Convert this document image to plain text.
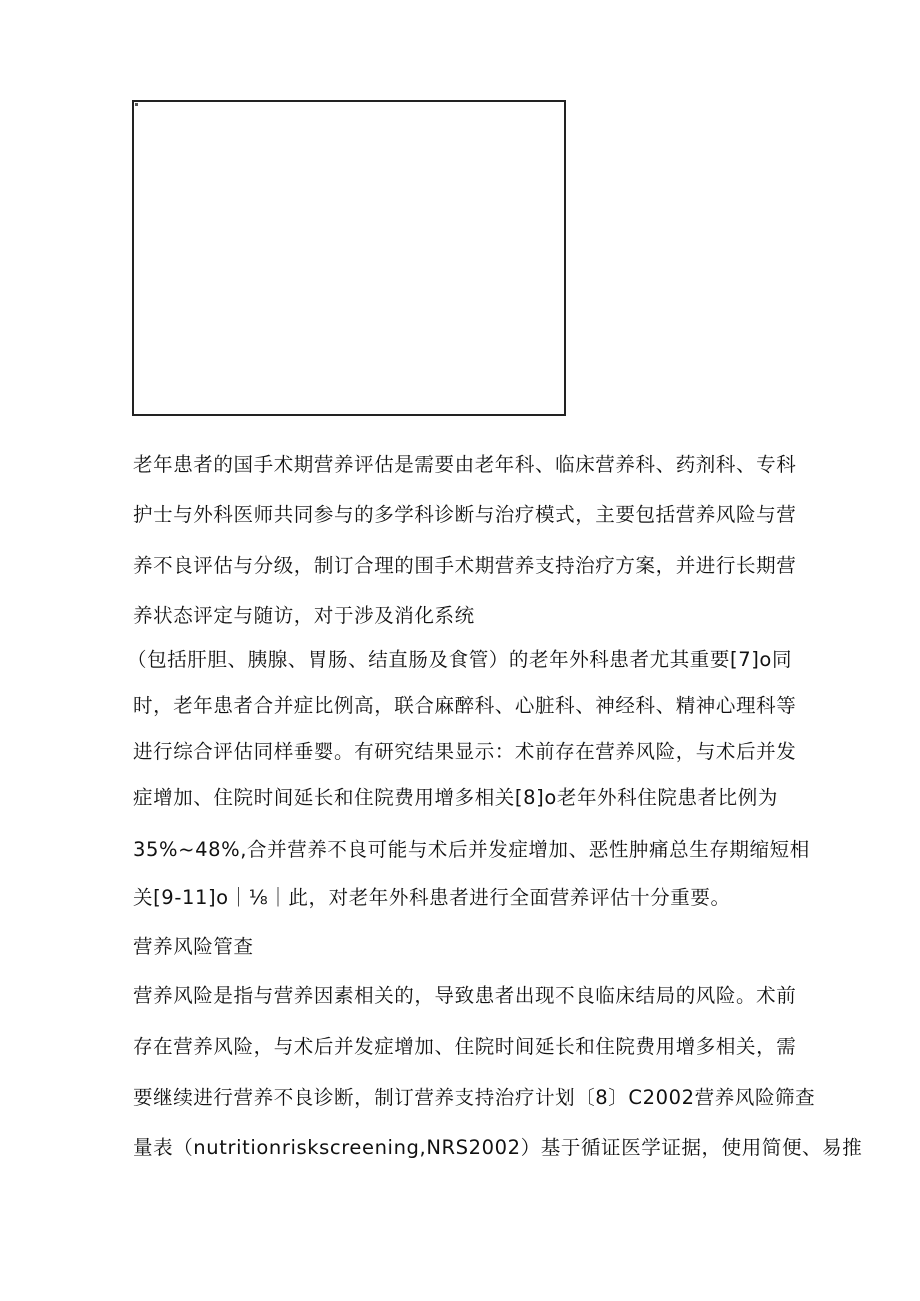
老年患者的国手术期营养评估是需要由老年科、临床营养科、药剂科、专科
护士与外科医师共同参与的多学科诊断与治疗模式，主要包括营养风险与营
养不良评估与分级，制订合理的围手术期营养支持治疗方案，并进行长期营
养状态评定与随访，对于涉及消化系统
（包括肝胆、胰腺、胃肠、结直肠及食管）的老年外科患者尤其重要[7]o同
时，老年患者合并症比例高，联合麻醉科、心脏科、神经科、精神心理科等
进行综合评估同样垂婴。有研究结果显示：术前存在营养风险，与术后并发
症增加、住院时间延长和住院费用增多相关[8]o老年外科住院患者比例为
35%~48%,合并营养不良可能与术后并发症增加、恶性肿痛总生存期缩短相
关[9-11]o｜⅛｜此，对老年外科患者进行全面营养评估十分重要。
营养风险管查
营养风险是指与营养因素相关的，导致患者出现不良临床结局的风险。术前
存在营养风险，与术后并发症增加、住院时间延长和住院费用增多相关，需
要继续进行营养不良诊断，制订营养支持治疗计划〔8〕C2002营养风险筛查
量表（nutritionriskscreening,NRS2002）基于循证医学证据，使用简便、易推
